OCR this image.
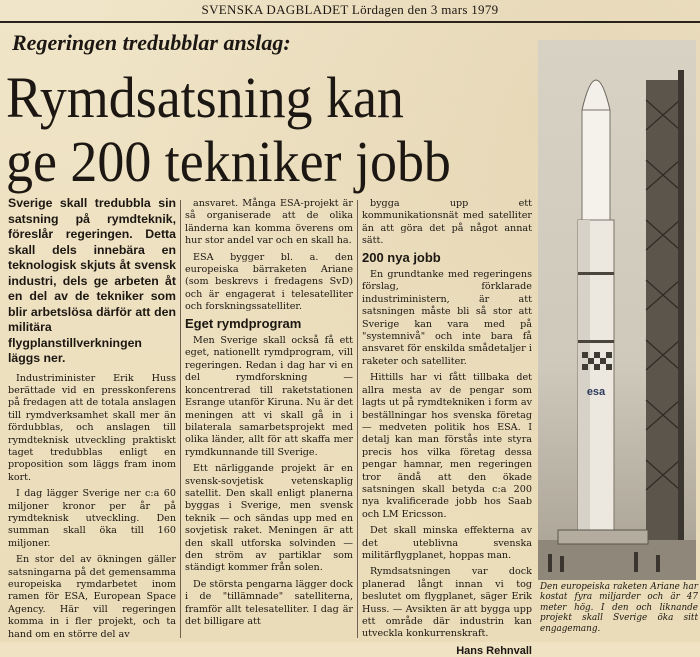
SVENSKA DAGBLADET Lördagen den 3 mars 1979
Regeringen tredubblar anslag:
Rymdsatsning kan
ge 200 tekniker jobb
Sverige skall tredubbla sin satsning på rymdteknik, föreslår regeringen. Detta skall dels innebära en teknologisk skjuts åt svensk industri, dels ge arbeten åt en del av de tekniker som blir arbetslösa därför att den militära flygplanstillverkningen läggs ner.

Industriminister Erik Huss berättade vid en presskonferens på fredagen att de totala anslagen till rymdverksamhet skall mer än fördubblas, och anslagen till rymdteknisk utveckling praktiskt taget tredubblas enligt en proposition som läggs fram inom kort.

I dag lägger Sverige ner c:a 60 miljoner kronor per år på rymdteknisk utveckling. Den summan skall öka till 160 miljoner.

En stor del av ökningen gäller satsningarna på det gemensamma europeiska rymdarbetet inom ramen för ESA, European Space Agency. Här vill regeringen komma in i fler projekt, och ta hand om en större del av

ansvaret. Många ESA-projekt är så organiserade att de olika länderna kan komma överens om hur stor andel var och en skall ha.

ESA bygger bl. a. den europeiska bärraketen Ariane (som beskrevs i fredagens SvD) och är engagerat i telesatelliter och forskningssatelliter.

Eget rymdprogram

Men Sverige skall också få ett eget, nationellt rymdprogram, vill regeringen. Redan i dag har vi en del rymdforskning — koncentrerad till raketstationen Esrange utanför Kiruna. Nu är det meningen att vi skall gå in i bilaterala samarbetsprojekt med olika länder, allt för att skaffa mer rymdkunnande till Sverige.

Ett närliggande projekt är en svensk-sovjetisk vetenskaplig satellit. Den skall enligt planerna byggas i Sverige, men svensk teknik — och sändas upp med en sovjetisk raket. Meningen är att den skall utforska solvinden — den ström av partiklar som ständigt kommer från solen.

De största pengarna lägger dock i de "tillämnade" satelliterna, framför allt telesatelliter. I dag är det billigare att

bygga upp ett kommunikationsnät med satelliter än att göra det på något annat sätt.

200 nya jobb

En grundtanke med regeringens förslag, förklarade industriministern, är att satsningen måste bli så stor att Sverige kan vara med på "systemnivå" och inte bara få ansvaret för enskilda smådetaljer i raketer och satelliter.

Hittills har vi fått tillbaka det allra mesta av de pengar som lagts ut på rymdtekniken i form av beställningar hos svenska företag — medveten politik hos ESA. I detalj kan man förstås inte styra precis hos vilka företag dessa pengar hamnar, men regeringen tror ändå att den ökade satsningen skall betyda c:a 200 nya kvalificerade jobb hos Saab och LM Ericsson.

Det skall minska effekterna av det uteblivna svenska militärflygplanet, hoppas man.

Rymdsatsningen var dock planerad långt innan vi tog beslutet om flygplanet, säger Erik Huss. — Avsikten är att bygga upp ett område där industrin kan utveckla konkurrenskraft.

Hans Rehnvall
esa
Den europeiska raketen Ariane har kostat fyra miljarder och är 47 meter hög. I den och liknande projekt skall Sverige öka sitt engagemang.
